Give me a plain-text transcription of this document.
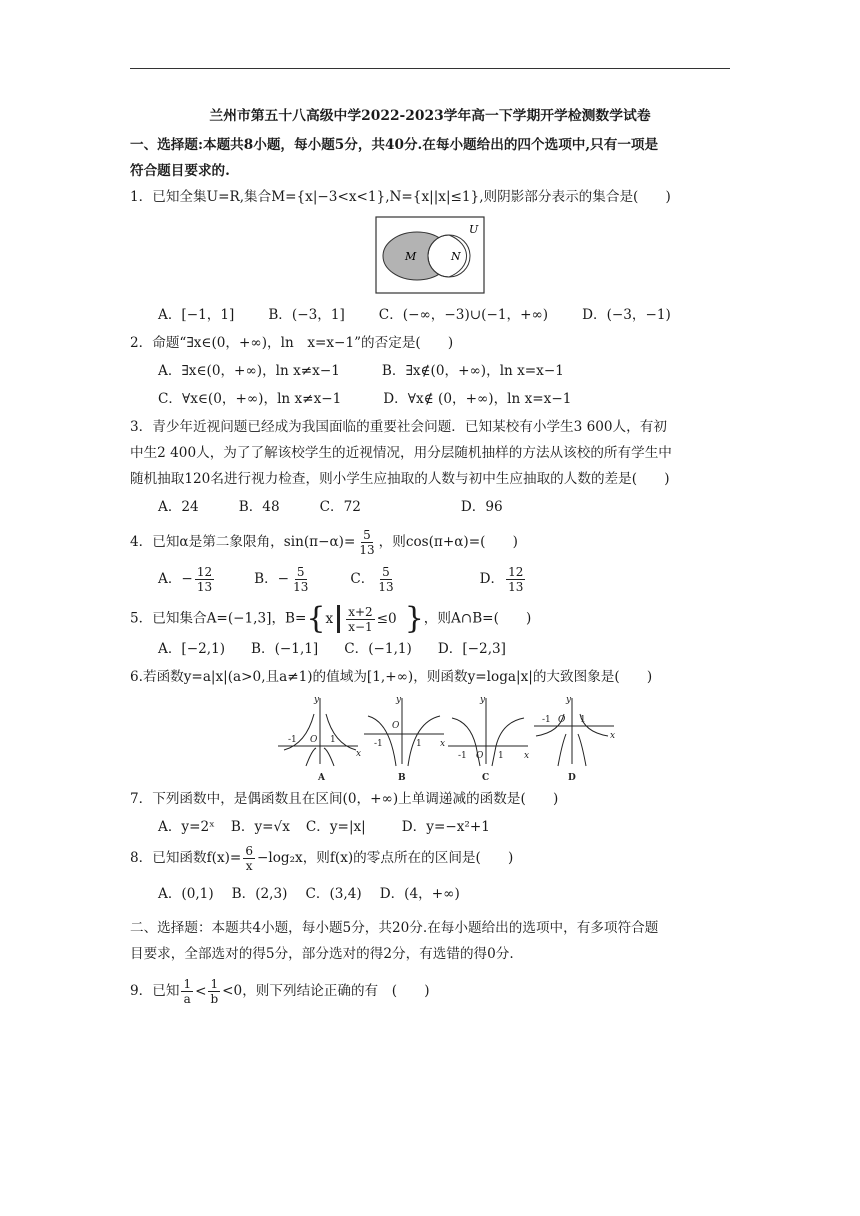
兰州市第五十八高级中学2022-2023学年高一下学期开学检测数学试卷

一、选择题:本题共8小题，每小题5分，共40分.在每小题给出的四个选项中,只有一项是

符合题目要求的.

1．已知全集U=R,集合M={x|−3<x<1},N={x||x|≤1},则阴影部分表示的集合是(　　)

U
M	N
A．[−1，1]	B．(−3，1]	C．(−∞，−3)∪(−1，+∞)	D．(−3，−1)

2．命题“∃x∈(0，+∞)，ln　x=x−1”的否定是(　　)

A．∃x∈(0，+∞)，ln x≠x−1	B．∃x∉(0，+∞)，ln x=x−1
C．∀x∈(0，+∞)，ln x≠x−1	D．∀x∉ (0，+∞)，ln x=x−1

3．青少年近视问题已经成为我国面临的重要社会问题．已知某校有小学生3 600人，有初

中生2 400人，为了了解该校学生的近视情况，用分层随机抽样的方法从该校的所有学生中

随机抽取120名进行视力检查，则小学生应抽取的人数与初中生应抽取的人数的差是(　　)

A．24	B．48	C．72	D．96

4．已知α是第二象限角，$\sin(\pi-\alpha)= \frac{5}{13}$ ，则cos(π+α)=(　　)

A．− $\frac{12}{13}$	B．− $\frac{5}{13}$	C． $\frac{5}{13}$	D． $\frac{12}{13}$

5．已知集合A=(−1,3]，$B=\{x \frac{x+2}{x-1} \le 0$ }，则A∩B=(　　)

A．[−2,1) B．(−1,1] C．(−1,1) D．[−2,3]

6.若函数y=a|x|(a>0,且a≠1)的值域为[1,+∞)，则函数y=loga|x|的大致图象是(　　)

y
x
-1 O 1
A
y
x
-1
O
1
B
y
x
-1 O 1
C
y
x
-1 O 1
D

7．下列函数中，是偶函数且在区间(0，+∞)上单调递减的函数是(　　)

A．y=2ˣ B．y=√x C．y=|x|	D．y=−x²+1

8．已知函数$f(x)= \frac{6}{x} -\log_2x$，则f(x)的零点所在的区间是(　　)

A．(0,1) B．(2,3) C．(3,4) D．(4，+∞)

二、选择题：本题共4小题，每小题5分，共20分.在每小题给出的选项中，有多项符合题

目要求，全部选对的得5分，部分选对的得2分，有选错的得0分.

9．已知 $\frac{1}{a} < \frac{1}{b} <0$，则下列结论正确的有　(　　)
